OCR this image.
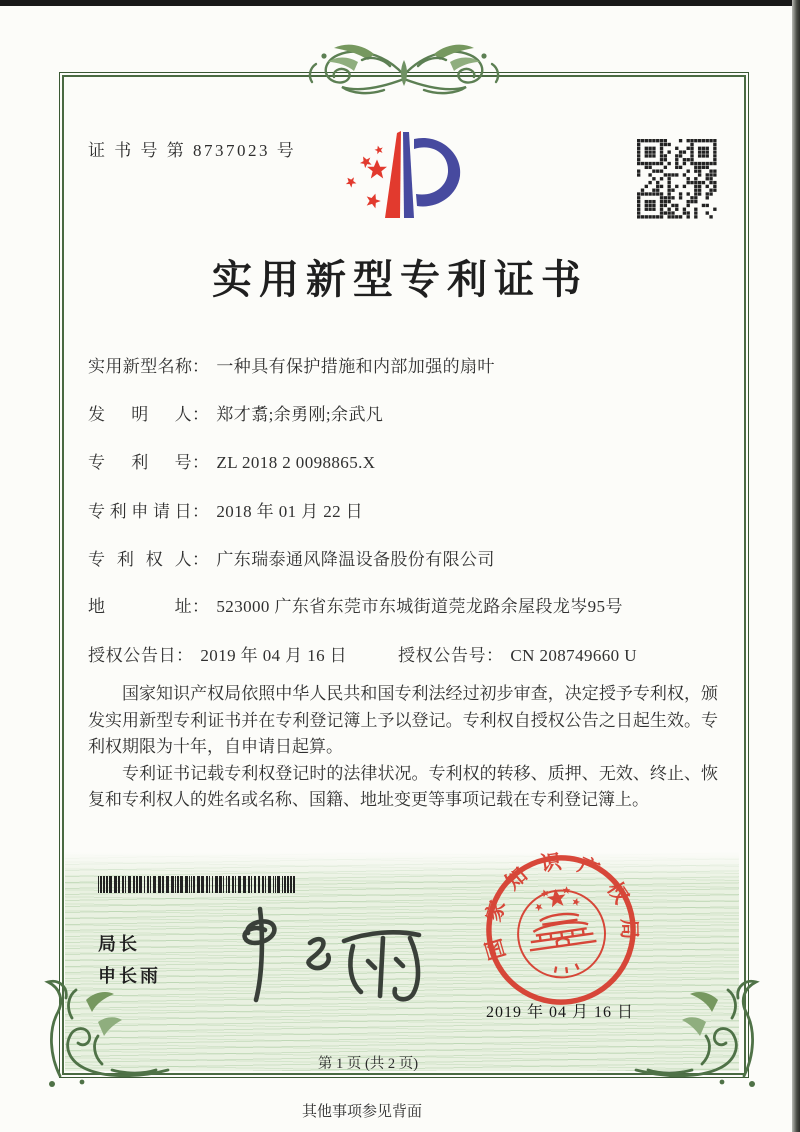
证 书 号 第 8737023 号
实用新型专利证书
实用新型名称： 一种具有保护措施和内部加强的扇叶
发明人： 郑才翥;余勇刚;余武凡
专利号： ZL 2018 2 0098865.X
专利申请日： 2018 年 01 月 22 日
专利权人： 广东瑞泰通风降温设备股份有限公司
地址： 523000 广东省东莞市东城街道莞龙路余屋段龙岑95号
授权公告日： 2019 年 04 月 16 日	授权公告号： CN 208749660 U

国家知识产权局依照中华人民共和国专利法经过初步审查，决定授予专利权，颁发实用新型专利证书并在专利登记簿上予以登记。专利权自授权公告之日起生效。专利权期限为十年，自申请日起算。

专利证书记载专利权登记时的法律状况。专利权的转移、质押、无效、终止、恢复和专利权人的姓名或名称、国籍、地址变更等事项记载在专利登记簿上。

局长
申长雨
国家知识产权局
2019 年 04 月 16 日
第 1 页 (共 2 页)
其他事项参见背面
